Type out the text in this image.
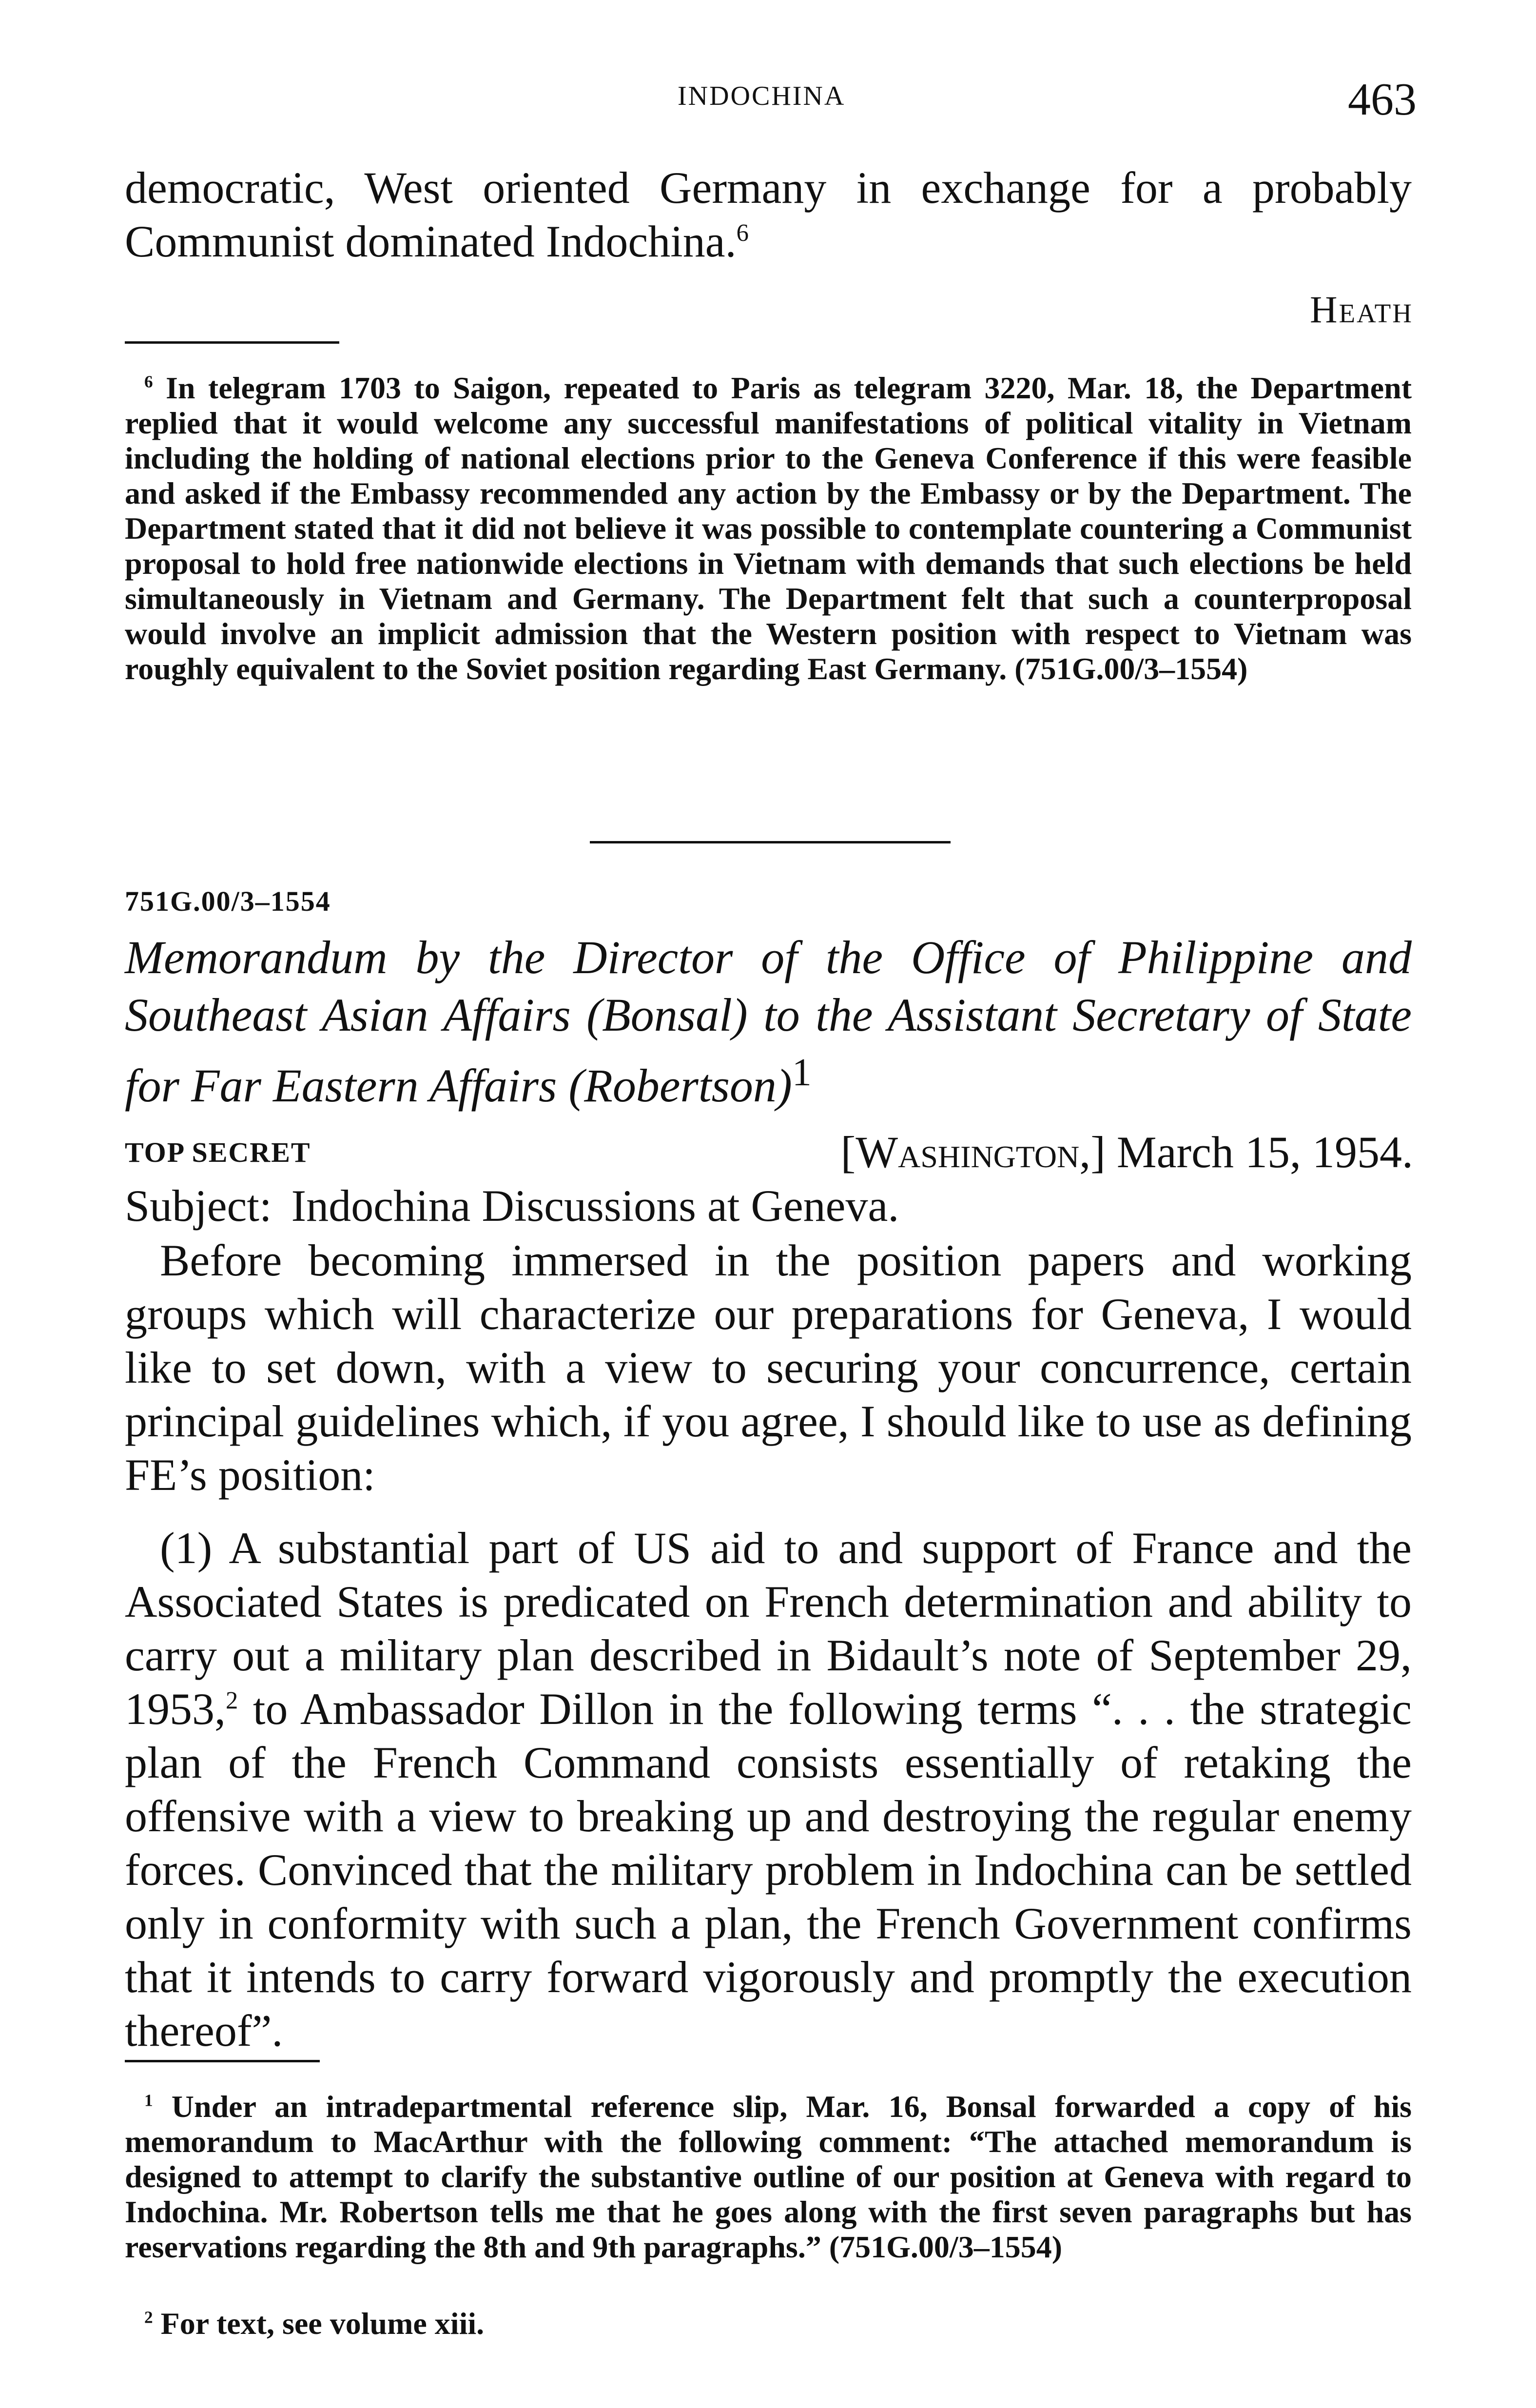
INDOCHINA	463

democratic, West oriented Germany in exchange for a probably Communist dominated Indochina.$^6$

Heath

$^6$ In telegram 1703 to Saigon, repeated to Paris as telegram 3220, Mar. 18, the Department replied that it would welcome any successful manifestations of political vitality in Vietnam including the holding of national elections prior to the Geneva Conference if this were feasible and asked if the Embassy recommended any action by the Embassy or by the Department. The Department stated that it did not believe it was possible to contemplate countering a Communist proposal to hold free nationwide elections in Vietnam with demands that such elections be held simultaneously in Vietnam and Germany. The Department felt that such a counterproposal would involve an implicit admission that the Western position with respect to Vietnam was roughly equivalent to the Soviet position regarding East Germany. (751G.00/3–1554)

751G.00/3–1554

Memorandum by the Director of the Office of Philippine and Southeast Asian Affairs (Bonsal) to the Assistant Secretary of State for Far Eastern Affairs (Robertson)$^1$

TOP SECRET	[Washington,] March 15, 1954.
Subject: Indochina Discussions at Geneva.

Before becoming immersed in the position papers and working groups which will characterize our preparations for Geneva, I would like to set down, with a view to securing your concurrence, certain principal guidelines which, if you agree, I should like to use as defining FE’s position:

(1) A substantial part of US aid to and support of France and the Associated States is predicated on French determination and ability to carry out a military plan described in Bidault’s note of September 29, 1953,$^2$ to Ambassador Dillon in the following terms “. . . the strategic plan of the French Command consists essentially of retaking the offensive with a view to breaking up and destroying the regular enemy forces. Convinced that the military problem in Indochina can be settled only in conformity with such a plan, the French Government confirms that it intends to carry forward vigorously and promptly the execution thereof”.

$^1$ Under an intradepartmental reference slip, Mar. 16, Bonsal forwarded a copy of his memorandum to MacArthur with the following comment: “The attached memorandum is designed to attempt to clarify the substantive outline of our position at Geneva with regard to Indochina. Mr. Robertson tells me that he goes along with the first seven paragraphs but has reservations regarding the 8th and 9th paragraphs.” (751G.00/3–1554)

$^2$ For text, see volume xiii.
